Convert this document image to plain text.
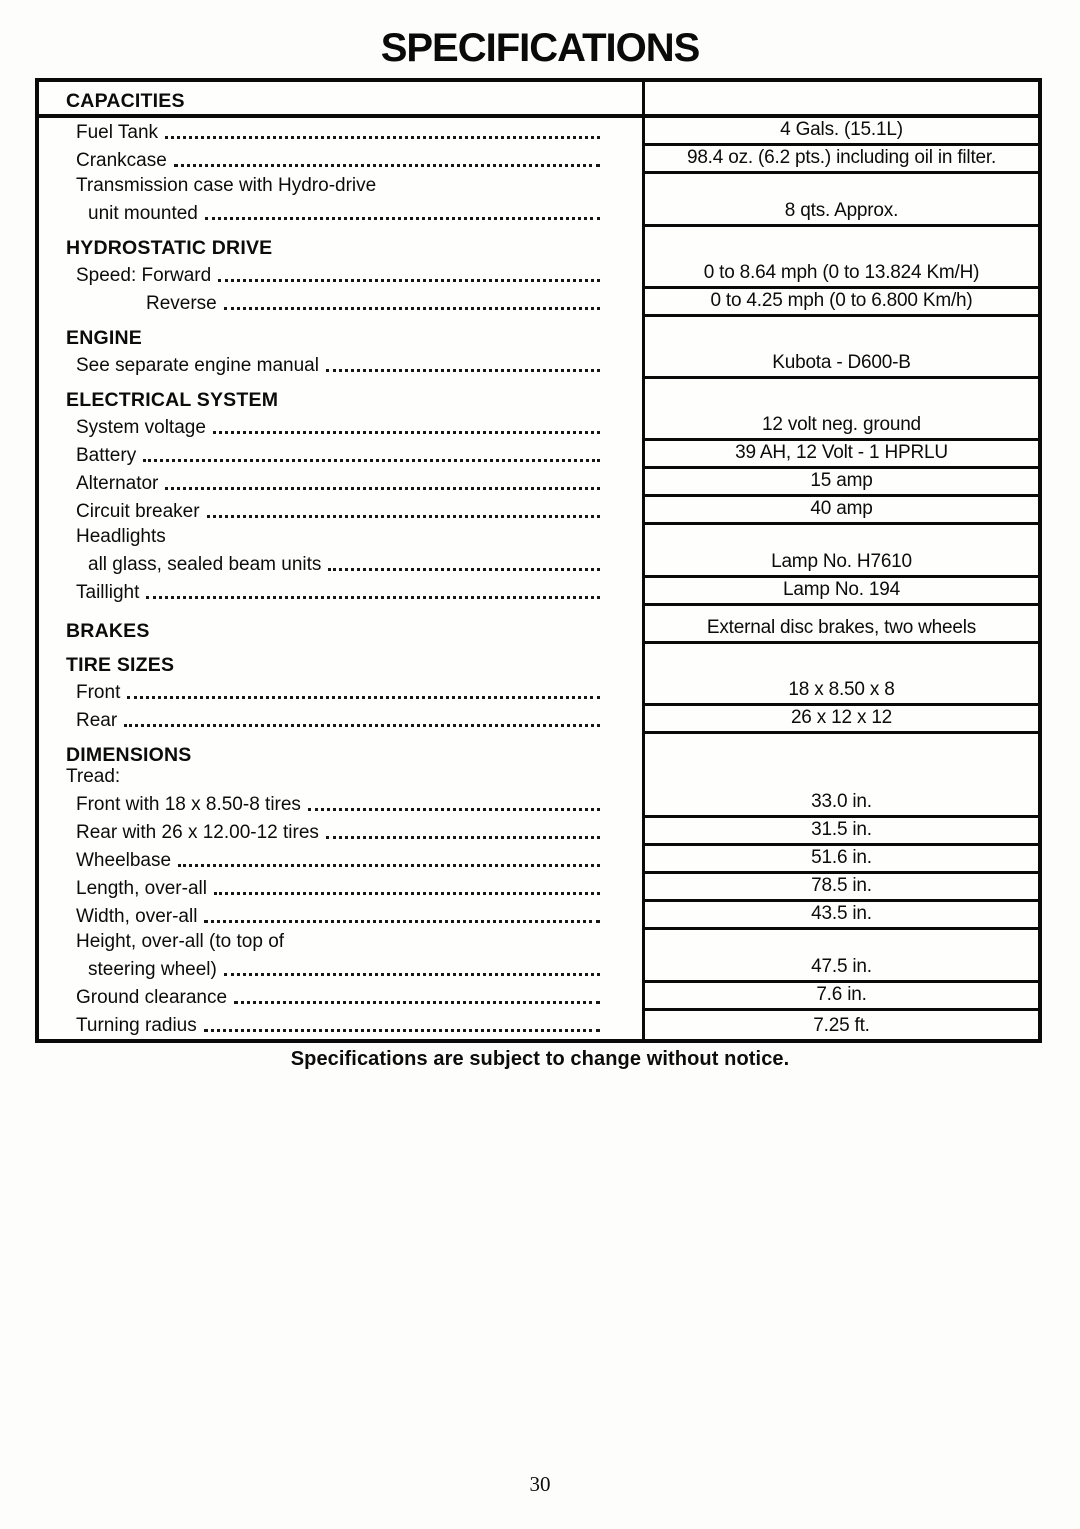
SPECIFICATIONS
CAPACITIES
Fuel Tank	4 Gals. (15.1L)
Crankcase	98.4 oz. (6.2 pts.) including oil in filter.
Transmission case with Hydro-drive
unit mounted	8 qts. Approx.
HYDROSTATIC DRIVE
Speed: Forward	0 to 8.64 mph (0 to 13.824 Km/H)
Reverse	0 to 4.25 mph (0 to 6.800 Km/h)
ENGINE
See separate engine manual	Kubota - D600-B
ELECTRICAL SYSTEM
System voltage	12 volt neg. ground
Battery	39 AH, 12 Volt - 1 HPRLU
Alternator	15 amp
Circuit breaker	40 amp
Headlights
all glass, sealed beam units	Lamp No. H7610
Taillight	Lamp No. 194
BRAKES	External disc brakes, two wheels
TIRE SIZES
Front	18 x 8.50 x 8
Rear	26 x 12 x 12
DIMENSIONS
Tread:
Front with 18 x 8.50-8 tires	33.0 in.
Rear with 26 x 12.00-12 tires	31.5 in.
Wheelbase	51.6 in.
Length, over-all	78.5 in.
Width, over-all	43.5 in.
Height, over-all (to top of
steering wheel)	47.5 in.
Ground clearance	7.6 in.
Turning radius	7.25 ft.
Specifications are subject to change without notice.
30
